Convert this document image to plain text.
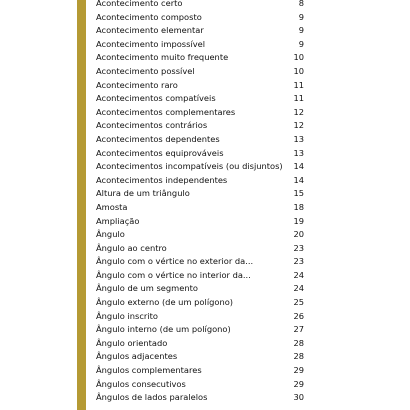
Acontecimento certo	8
Acontecimento composto	9
Acontecimento elementar	9
Acontecimento impossível	9
Acontecimento muito frequente	10
Acontecimento possível	10
Acontecimento raro	11
Acontecimentos compatíveis	11
Acontecimentos complementares	12
Acontecimentos contrários	12
Acontecimentos dependentes	13
Acontecimentos equiprováveis	13
Acontecimentos incompatíveis (ou disjuntos) 14
Acontecimentos independentes	14
Altura de um triângulo	15
Amosta	18
Ampliação	19
Ângulo	20
Ângulo ao centro	23
Ângulo com o vértice no exterior da...	23
Ângulo com o vértice no interior da...	24
Ângulo de um segmento	24
Ângulo externo (de um polígono)	25
Ângulo inscrito	26
Ângulo interno (de um polígono)	27
Ângulo orientado	28
Ângulos adjacentes	28
Ângulos complementares	29
Ângulos consecutivos	29
Ângulos de lados paralelos	30
